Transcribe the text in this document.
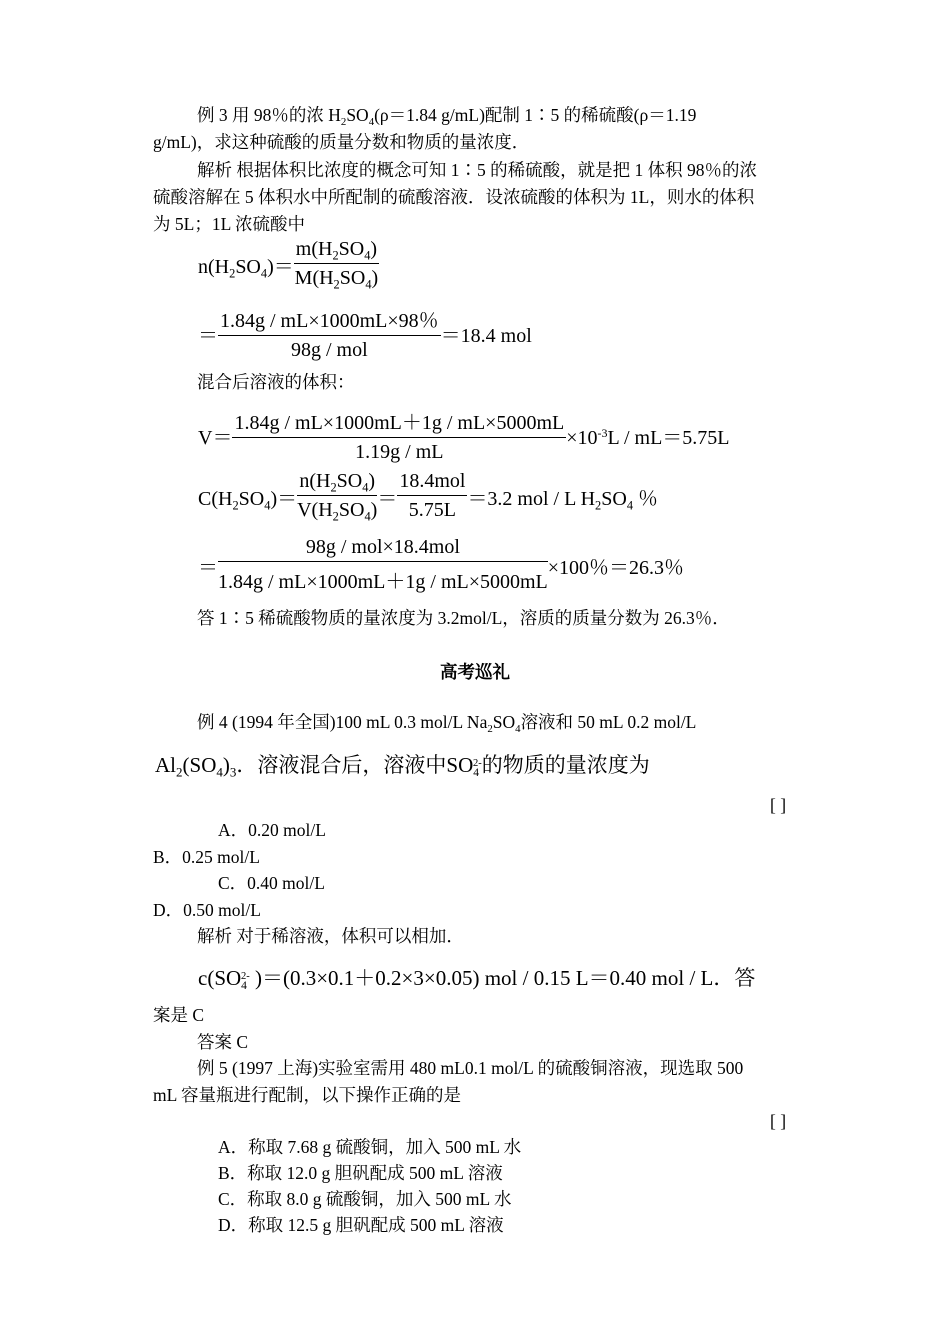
例 3 用 98％的浓 $H_2SO_4(\rho=1.84$ g/mL)配制 1∶5 的稀硫酸(ρ＝1.19
g/mL)，求这种硫酸的质量分数和物质的量浓度．
解析 根据体积比浓度的概念可知 1∶5 的稀硫酸，就是把 1 体积 98％的浓
硫酸溶解在 5 体积水中所配制的硫酸溶液．设浓硫酸的体积为 1L，则水的体积
为 5L；1L 浓硫酸中
$n(H_2SO_4)= \frac{m(H_2SO_4)}{M(H_2SO_4)}$
＝ $\frac{1.84g / mL\times 1000mL\times 98\%}{\text{98g / mol}} =18.4$ mol
混合后溶液的体积：
$V= \frac{1.84g / mL\times 1000mL+1g / mL\times 5000mL}{1.19g / mL} \times 10^{-3}L / mL=5.75L$
$C(H_2SO_4)= \frac{n(H_2SO_4)}{V(H_2SO_4)} = \frac{\text{18.4mol}}{5.75L} =3.2$ mol / L $H_2SO_4$ ％
＝ $\frac{\text{98g / mol×18.4mol}}{1.84g / mL\times 1000mL+1g / mL\times 5000mL} \times 100$％＝26.3％
答 1∶5 稀硫酸物质的量浓度为 3.2mol/L，溶质的质量分数为 26.3％．
高考巡礼
例 4 (1994 年全国)100 mL 0.3 mol/L $Na_2SO_4$溶液和 50 mL 0.2 mol/L
$Al_2(SO_4)_3$．溶液混合后，溶液中$SO_4^{2-}$的物质的量浓度为
[ ]
A．0.20 mol/L
B．0.25 mol/L
C．0.40 mol/L
D．0.50 mol/L
解析 对于稀溶液，体积可以相加．
$c(SO_4^{2-}$ )＝(0.3×0.1＋0.2×3×0.05) mol / 0.15 L＝0.40 mol / L．答
案是 C
答案 C
例 5 (1997 上海)实验室需用 480 mL0.1 mol/L 的硫酸铜溶液，现选取 500
mL 容量瓶进行配制，以下操作正确的是
[ ]
A．称取 7.68 g 硫酸铜，加入 500 mL 水
B．称取 12.0 g 胆矾配成 500 mL 溶液
C．称取 8.0 g 硫酸铜，加入 500 mL 水
D．称取 12.5 g 胆矾配成 500 mL 溶液
